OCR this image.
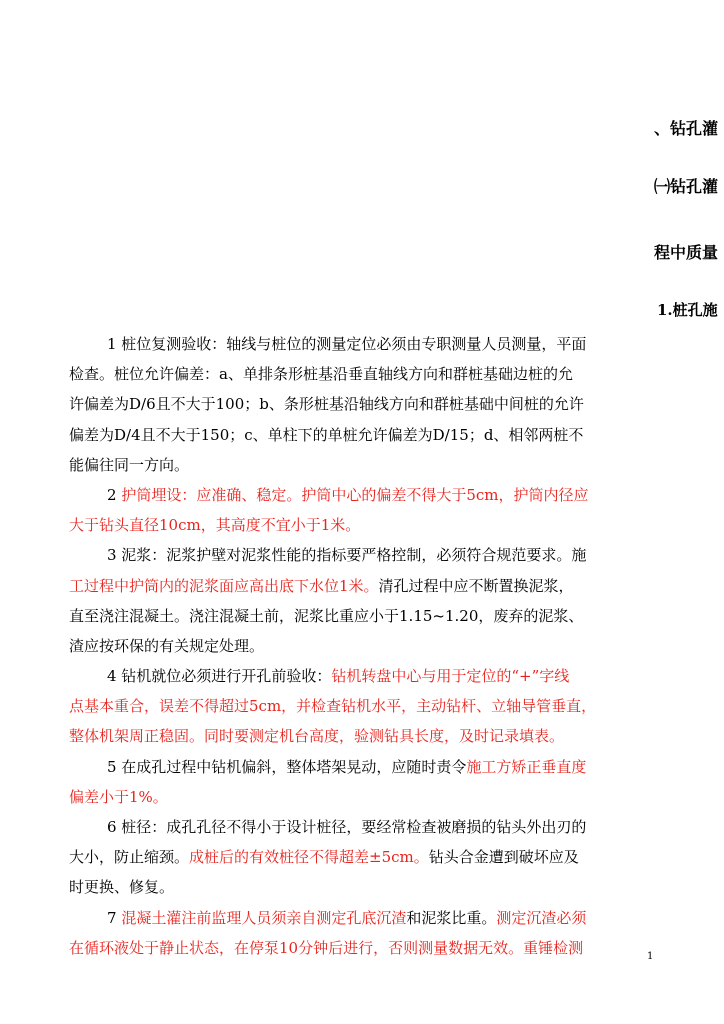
、钻孔灌
㈠钻孔灌
程中质量
1.桩孔施
1 桩位复测验收：轴线与桩位的测量定位必须由专职测量人员测量，平面
检查。桩位允许偏差：a、单排条形桩基沿垂直轴线方向和群桩基础边桩的允
许偏差为D/6且不大于100；b、条形桩基沿轴线方向和群桩基础中间桩的允许
偏差为D/4且不大于150；c、单柱下的单桩允许偏差为D/15；d、相邻两桩不
能偏往同一方向。
2 护筒埋设：应准确、稳定。护筒中心的偏差不得大于5cm，护筒内径应
大于钻头直径10cm，其高度不宜小于1米。
3 泥浆：泥浆护壁对泥浆性能的指标要严格控制，必须符合规范要求。施
工过程中护筒内的泥浆面应高出底下水位1米。清孔过程中应不断置换泥浆，
直至浇注混凝土。浇注混凝土前，泥浆比重应小于1.15~1.20，废弃的泥浆、
渣应按环保的有关规定处理。
4 钻机就位必须进行开孔前验收：钻机转盘中心与用于定位的“+”字线
点基本重合，误差不得超过5cm，并检查钻机水平，主动钻杆、立轴导管垂直，
整体机架周正稳固。同时要测定机台高度，验测钻具长度，及时记录填表。
5 在成孔过程中钻机偏斜，整体塔架晃动，应随时责令施工方矫正垂直度
偏差小于1%。
6 桩径：成孔孔径不得小于设计桩径，要经常检查被磨损的钻头外出刃的
大小，防止缩颈。成桩后的有效桩径不得超差±5cm。钻头合金遭到破坏应及
时更换、修复。
7 混凝土灌注前监理人员须亲自测定孔底沉渣和泥浆比重。测定沉渣必须
在循环液处于静止状态，在停泵10分钟后进行，否则测量数据无效。重锤检测	1
